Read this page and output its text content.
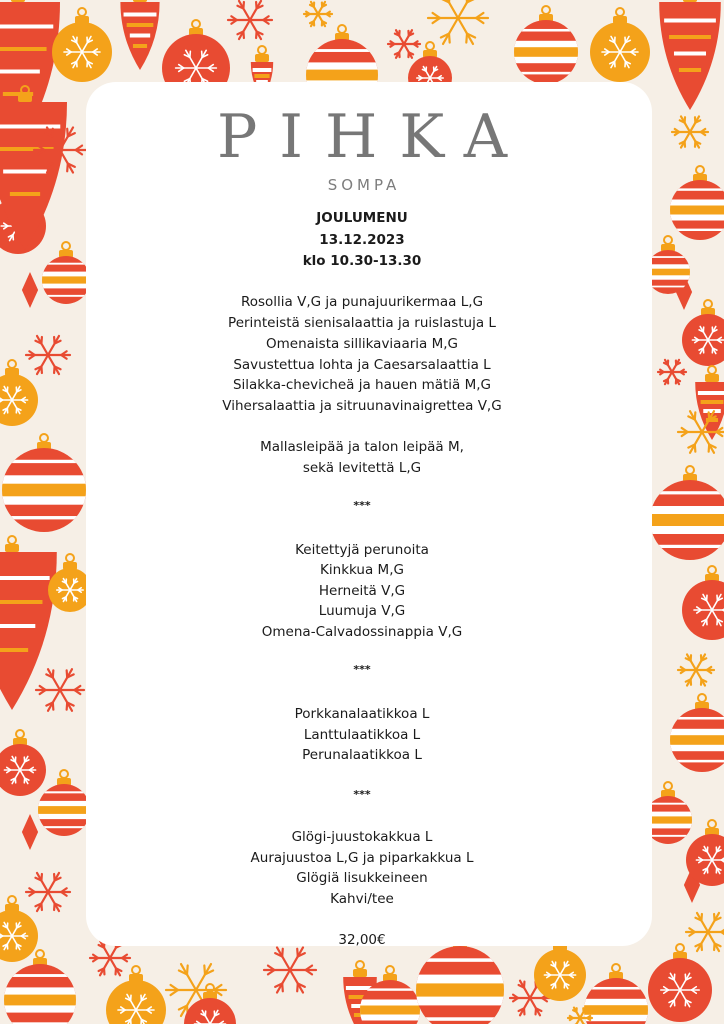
PIHKA
SOMPA
JOULUMENU
13.12.2023
klo 10.30-13.30
Rosollia V,G ja punajuurikermaa L,G
Perinteistä sienisalaattia ja ruislastuja L
Omenaista sillikaviaaria M,G
Savustettua lohta ja Caesarsalaattia L
Silakka-chevicheä ja hauen mätiä M,G
Vihersalaattia ja sitruunavinaigrettea V,G
Mallasleipää ja talon leipää M,
sekä levitettä L,G
***
Keitettyjä perunoita
Kinkkua M,G
Herneitä V,G
Luumuja V,G
Omena-Calvadossinappia V,G
***
Porkkanalaatikkoa L
Lanttulaatikkoa L
Perunalaatikkoa L
***
Glögi-juustokakkua L
Aurajuustoa L,G ja piparkakkua L
Glögiä lisukkeineen
Kahvi/tee
32,00€
